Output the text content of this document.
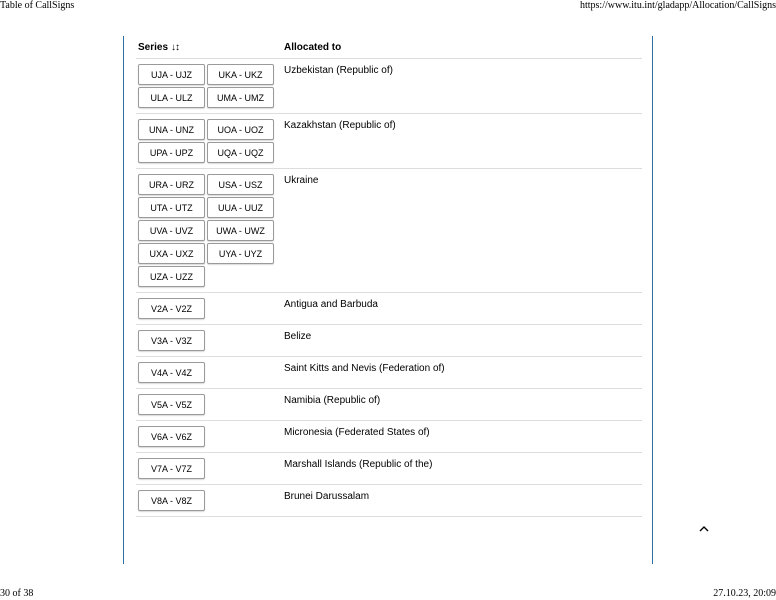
Table of CallSigns	https://www.itu.int/gladapp/Allocation/CallSigns
Series ↓↕	Allocated to
UJA - UJZ	UKA - UKZ
ULA - ULZ	UMA - UMZ
Uzbekistan (Republic of)
UNA - UNZ	UOA - UOZ
UPA - UPZ	UQA - UQZ
Kazakhstan (Republic of)
URA - URZ	USA - USZ
UTA - UTZ	UUA - UUZ
UVA - UVZ	UWA - UWZ
UXA - UXZ	UYA - UYZ
UZA - UZZ
Ukraine
V2A - V2Z	Antigua and Barbuda
V3A - V3Z	Belize
V4A - V4Z	Saint Kitts and Nevis (Federation of)
V5A - V5Z	Namibia (Republic of)
V6A - V6Z	Micronesia (Federated States of)
V7A - V7Z	Marshall Islands (Republic of the)
V8A - V8Z	Brunei Darussalam
30 of 38	27.10.23, 20:09
